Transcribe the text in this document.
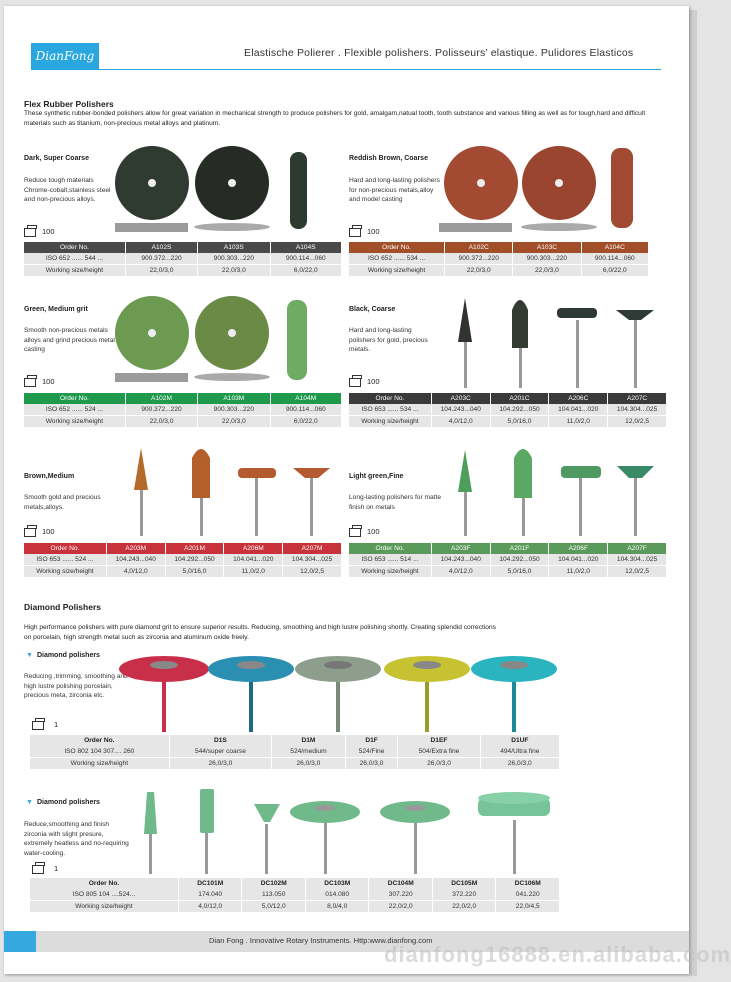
DianFong	Elastische Polierer . Flexible polishers. Polisseurs’ elastique. Pulidores Elasticos
Flex Rubber Polishers
These synthetic rubber-bonded polishers allow for great variation in mechanical strength to produce polishers for gold, amalgam,natual tooth, tooth substance and various filling as well as for tough,hard and difficult materials such as titanium, non-precious metal alloys and platinum.
Dark, Super Coarse
Reduce tough materials Chrome-cobalt,stainless steel and non-precious alloys.
100
Order No.	A102S	A103S	A104S
ISO 652 ...... 544 ...	900.372...220	900.303...220	900.114...060
Working size/height	22,0/3,0	22,0/3,0	6,0/22,0
Reddish Brown, Coarse
Hard and long-lasting polishers for non-precious metals,alloy and model casting
100
Order No.	A102C	A103C	A104C
ISO 652 ...... 534 ...	900.372...220	900.303...220	900.114...060
Working size/height	22,0/3,0	22,0/3,0	6,0/22,0
Green, Medium grit
Smooth non-precious metals alloys and grind precious metal casting
100
Order No.	A102M	A103M	A104M
ISO 652 ...... 524 ...	900.372...220	900.303...220	900.114...060
Working size/height	22,0/3,0	22,0/3,0	6,0/22,0
Black, Coarse
Hard and long-lasting polishers for gold, precious metals.
100
Order No.	A203C	A201C	A206C	A207C
ISO 653 ...... 534 ...	104.243...040	104.292...050	104.041...020	104.304...025
Working size/height	4,0/12,0	5,0/16,0	11,0/2,0	12,0/2,5
Brown,Medium
Smooth gold and precious metals,alloys.
100
Order No.	A203M	A201M	A206M	A207M
ISO 653 ...... 524 ...	104.243...040	104.292...050	104.041...020	104.304...025
Working size/height	4,0/12,0	5,0/16,0	11,0/2,0	12,0/2,5
Light green,Fine
Long-lasting polishers for matte finish on metals
100
Order No.	A203F	A201F	A206F	A207F
ISO 653 ...... 514 ...	104.243...040	104.292...050	104.041...020	104.304...025
Working size/height	4,0/12,0	5,0/16,0	11,0/2,0	12,0/2,5
Diamond Polishers
High performance polishers with pure diamond grit to ensure superior results. Reducing, smoothing and high lustre polishing shortly. Creating splendid corrections on porcelain, high strength metal such as zirconia and aluminum oxide freely.
▼ Diamond polishers
Reducing ,trimming, smoothing and high lustre polishing porcelain, precious meta, zirconia etc.
1
Order No.	D1S	D1M	D1F	D1EF	D1UF
ISO 802 104 307.... 260	544/super coarse	524/medium	524/Fine	504/Extra fine	494/Ultra fine
Working size/height	26,0/3,0	26,0/3,0	26,0/3,0	26,0/3,0	26,0/3,0
▼ Diamond polishers
Reduce,smoothing and finish zirconia with slight presure, extremely heatless and no-requiring water-cooling.
1
Order No.	DC101M	DC102M	DC103M	DC104M	DC105M	DC106M
ISO 805 104 ....524...	174.040	113.050	014.080	307.220	372.220	041.220
Working size/height	4,0/12,0	5,0/12,0	8,0/4,0	22,0/2,0	22,0/2,0	22,0/4,5
Dian Fong . Innovative Rotary Instruments. Http:www.dianfong.com
dianfong16888.en.alibaba.com
